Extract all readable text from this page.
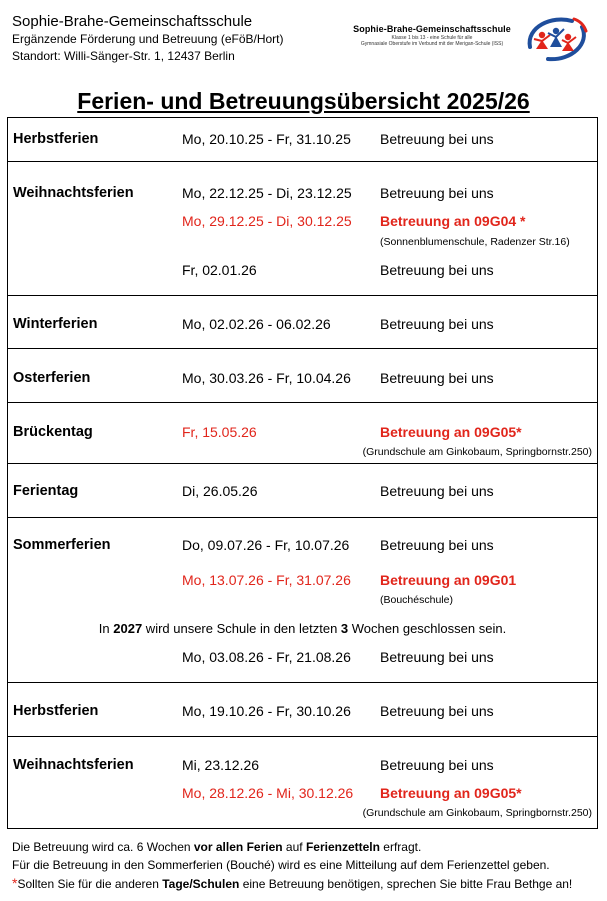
Sophie-Brahe-Gemeinschaftsschule
Ergänzende Förderung und Betreuung (eFöB/Hort)
Standort: Willi-Sänger-Str. 1, 12437 Berlin
Sophie-Brahe-Gemeinschaftsschule
Klasse 1 bis 13 - eine Schule für alle
Gymnasiale Oberstufe im Verbund mit der Merigan-Schule (ISS)
Ferien- und Betreuungsübersicht 2025/26
Herbstferien	Mo, 20.10.25 - Fr, 31.10.25 Betreuung bei uns
Weihnachtsferien	Mo, 22.12.25 - Di, 23.12.25 Betreuung bei uns
Mo, 29.12.25 - Di, 30.12.25 Betreuung an 09G04 *
(Sonnenblumenschule, Radenzer Str.16)
Fr, 02.01.26	Betreuung bei uns
Winterferien	Mo, 02.02.26 - 06.02.26	Betreuung bei uns
Osterferien	Mo, 30.03.26 - Fr, 10.04.26 Betreuung bei uns
Brückentag	Fr, 15.05.26	Betreuung an 09G05*
(Grundschule am Ginkobaum, Springbornstr.250)
Ferientag	Di, 26.05.26	Betreuung bei uns
Sommerferien	Do, 09.07.26 - Fr, 10.07.26 Betreuung bei uns
Mo, 13.07.26 - Fr, 31.07.26 Betreuung an 09G01
(Bouchéschule)
In 2027 wird unsere Schule in den letzten 3 Wochen geschlossen sein.
Mo, 03.08.26 - Fr, 21.08.26 Betreuung bei uns
Herbstferien	Mo, 19.10.26 - Fr, 30.10.26 Betreuung bei uns
Weihnachtsferien	Mi, 23.12.26	Betreuung bei uns
Mo, 28.12.26 - Mi, 30.12.26 Betreuung an 09G05*
(Grundschule am Ginkobaum, Springbornstr.250)
Die Betreuung wird ca. 6 Wochen vor allen Ferien auf Ferienzetteln erfragt.
Für die Betreuung in den Sommerferien (Bouché) wird es eine Mitteilung auf dem Ferienzettel geben.
*Sollten Sie für die anderen Tage/Schulen eine Betreuung benötigen, sprechen Sie bitte Frau Bethge an!
